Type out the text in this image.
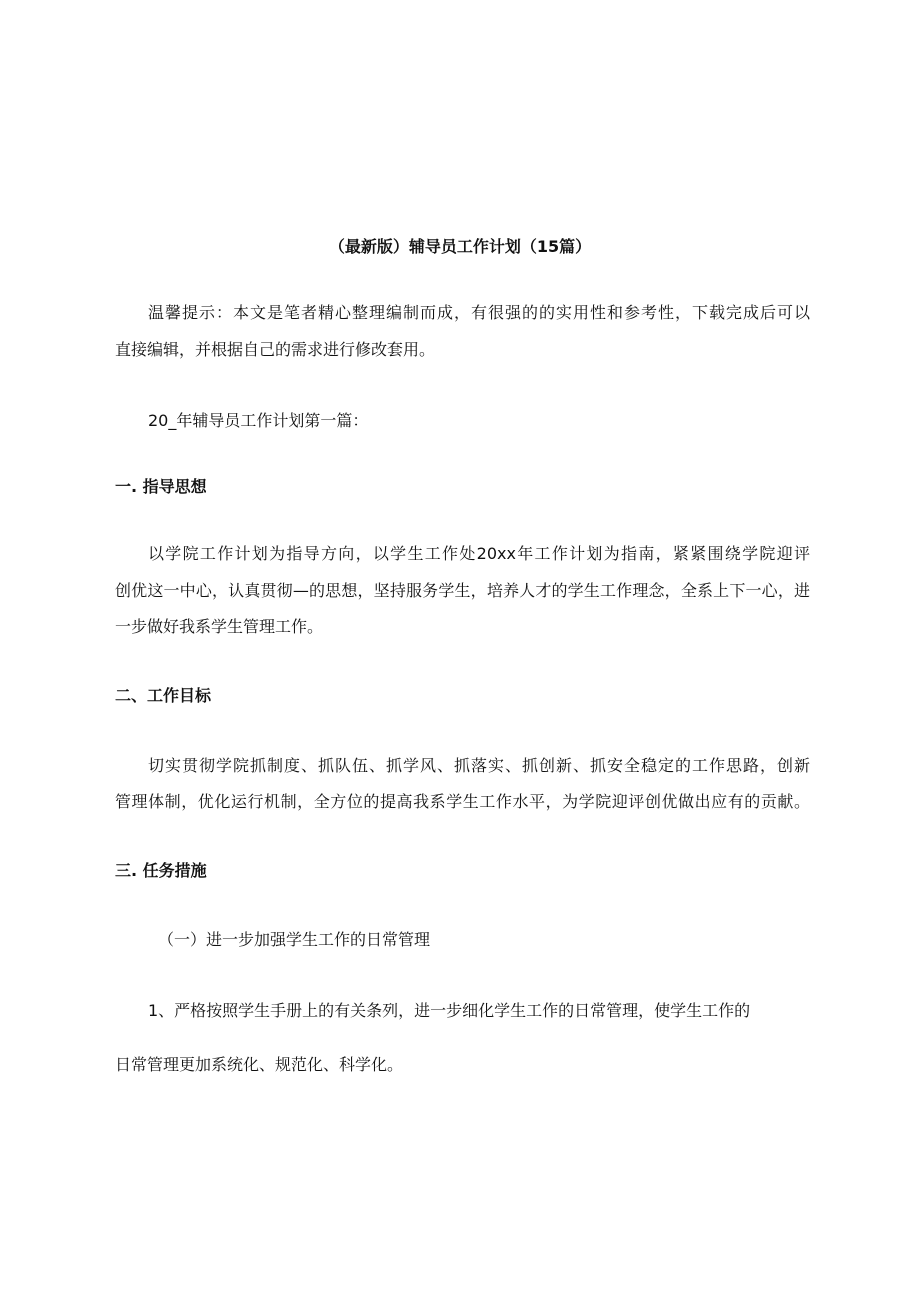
（最新版）辅导员工作计划（15篇）
温馨提示：本文是笔者精心整理编制而成，有很强的的实用性和参考性，下载完成后可以
直接编辑，并根据自己的需求进行修改套用。
20_年辅导员工作计划第一篇：
一. 指导思想
以学院工作计划为指导方向，以学生工作处20xx年工作计划为指南，紧紧围绕学院迎评
创优这一中心，认真贯彻—的思想，坚持服务学生，培养人才的学生工作理念，全系上下一心，进
一步做好我系学生管理工作。
二、工作目标
切实贯彻学院抓制度、抓队伍、抓学风、抓落实、抓创新、抓安全稳定的工作思路，创新
管理体制，优化运行机制，全方位的提高我系学生工作水平，为学院迎评创优做出应有的贡献。
三. 任务措施
（一）进一步加强学生工作的日常管理
1、严格按照学生手册上的有关条列，进一步细化学生工作的日常管理，使学生工作的
日常管理更加系统化、规范化、科学化。
